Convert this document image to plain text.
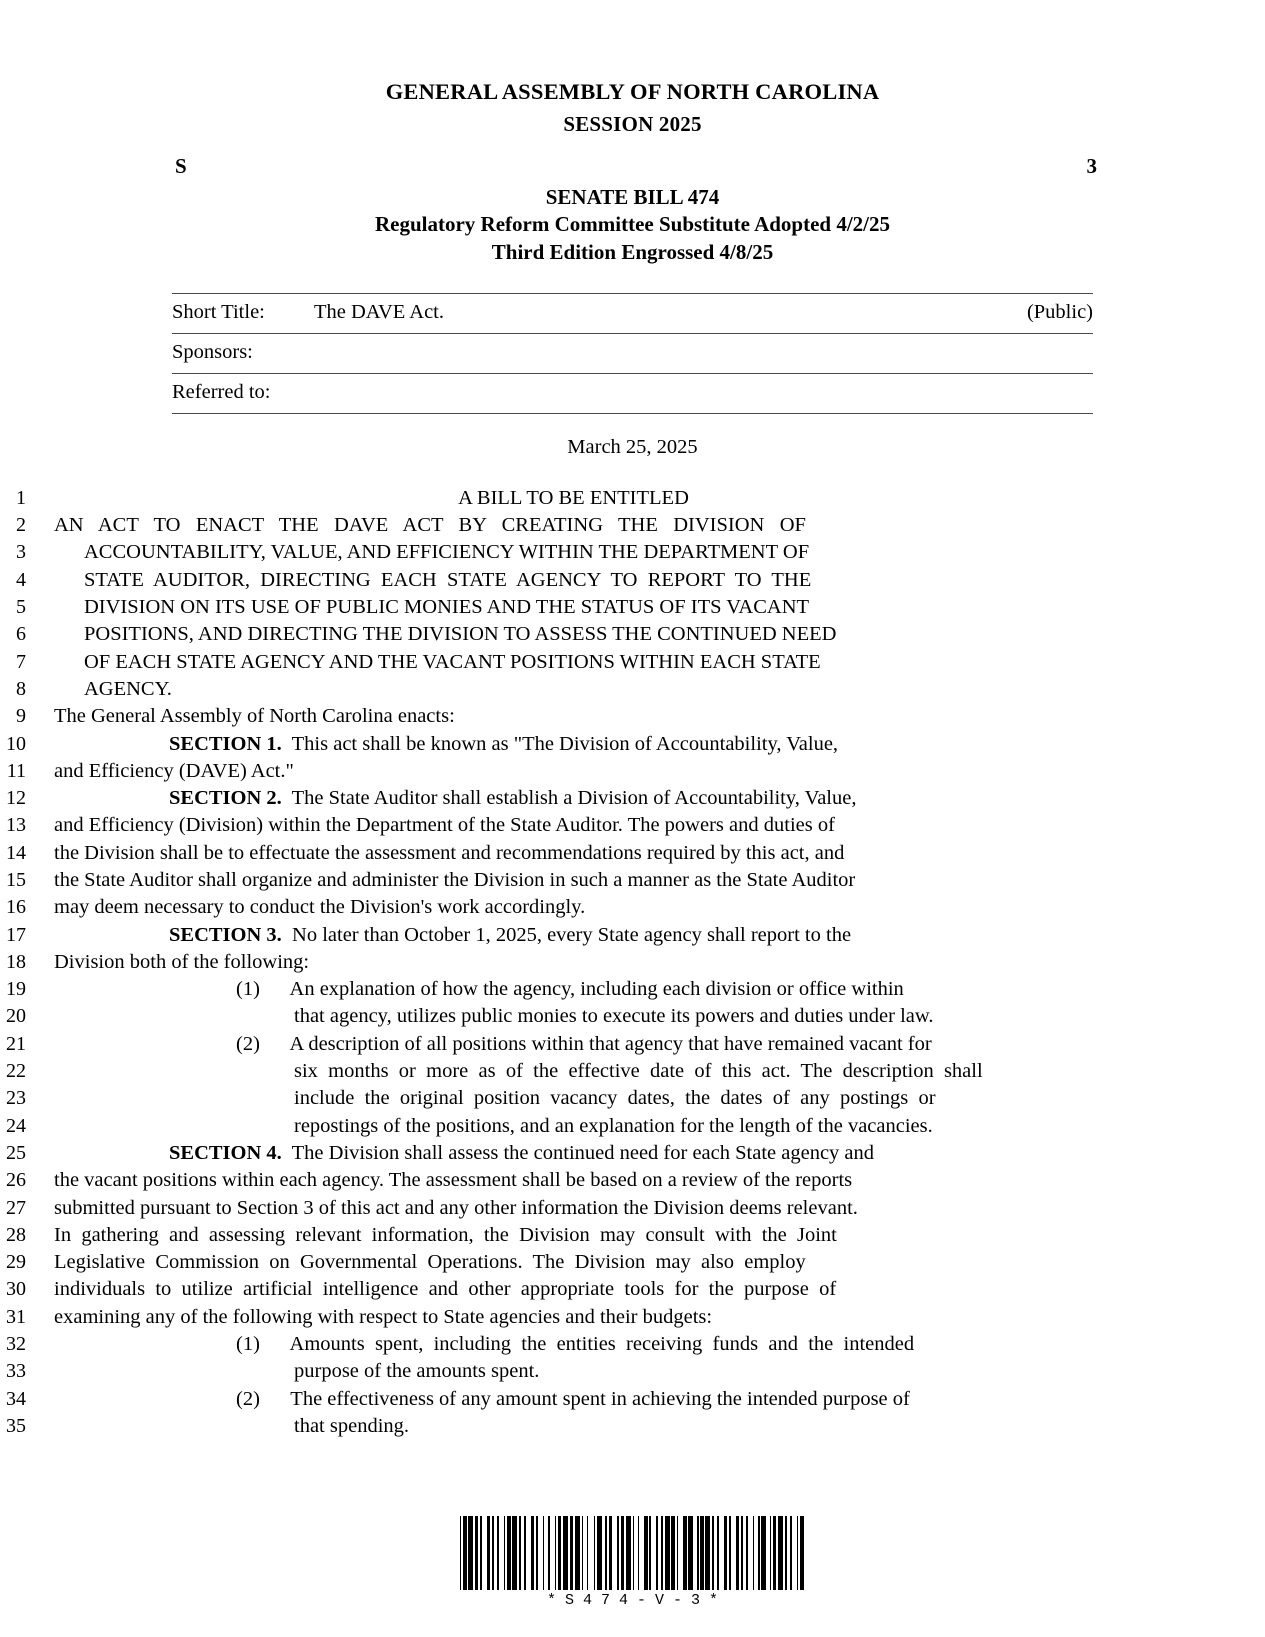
GENERAL ASSEMBLY OF NORTH CAROLINA
SESSION 2025
S	3
SENATE BILL 474
Regulatory Reform Committee Substitute Adopted 4/2/25
Third Edition Engrossed 4/8/25
Short Title:	The DAVE Act.	(Public)
Sponsors:		
Referred to:		
March 25, 2025
1	A BILL TO BE ENTITLED
2	AN   ACT   TO   ENACT   THE   DAVE   ACT   BY   CREATING   THE   DIVISION   OF
3	ACCOUNTABILITY, VALUE, AND EFFICIENCY WITHIN THE DEPARTMENT OF
4	STATE  AUDITOR,  DIRECTING  EACH  STATE  AGENCY  TO  REPORT  TO  THE
5	DIVISION ON ITS USE OF PUBLIC MONIES AND THE STATUS OF ITS VACANT
6	POSITIONS, AND DIRECTING THE DIVISION TO ASSESS THE CONTINUED NEED
7	OF EACH STATE AGENCY AND THE VACANT POSITIONS WITHIN EACH STATE
8	AGENCY.
9	The General Assembly of North Carolina enacts:
10	SECTION 1.  This act shall be known as "The Division of Accountability, Value,
11	and Efficiency (DAVE) Act."
12	SECTION 2.  The State Auditor shall establish a Division of Accountability, Value,
13	and Efficiency (Division) within the Department of the State Auditor. The powers and duties of
14	the Division shall be to effectuate the assessment and recommendations required by this act, and
15	the State Auditor shall organize and administer the Division in such a manner as the State Auditor
16	may deem necessary to conduct the Division's work accordingly.
17	SECTION 3.  No later than October 1, 2025, every State agency shall report to the
18	Division both of the following:
19	(1) An explanation of how the agency, including each division or office within
20	that agency, utilizes public monies to execute its powers and duties under law.
21	(2) A description of all positions within that agency that have remained vacant for
22	six  months  or  more  as  of  the  effective  date  of  this  act.  The  description  shall
23	include  the  original  position  vacancy  dates,  the  dates  of  any  postings  or
24	repostings of the positions, and an explanation for the length of the vacancies.
25	SECTION 4.  The Division shall assess the continued need for each State agency and
26	the vacant positions within each agency. The assessment shall be based on a review of the reports
27	submitted pursuant to Section 3 of this act and any other information the Division deems relevant.
28	In  gathering  and  assessing  relevant  information,  the  Division  may  consult  with  the  Joint
29	Legislative  Commission  on  Governmental  Operations.  The  Division  may  also  employ
30	individuals  to  utilize  artificial  intelligence  and  other  appropriate  tools  for  the  purpose  of
31	examining any of the following with respect to State agencies and their budgets:
32	(1) Amounts  spent,  including  the  entities  receiving  funds  and  the  intended
33	purpose of the amounts spent.
34	(2) The effectiveness of any amount spent in achieving the intended purpose of
35	that spending.
*S474-V-3*
